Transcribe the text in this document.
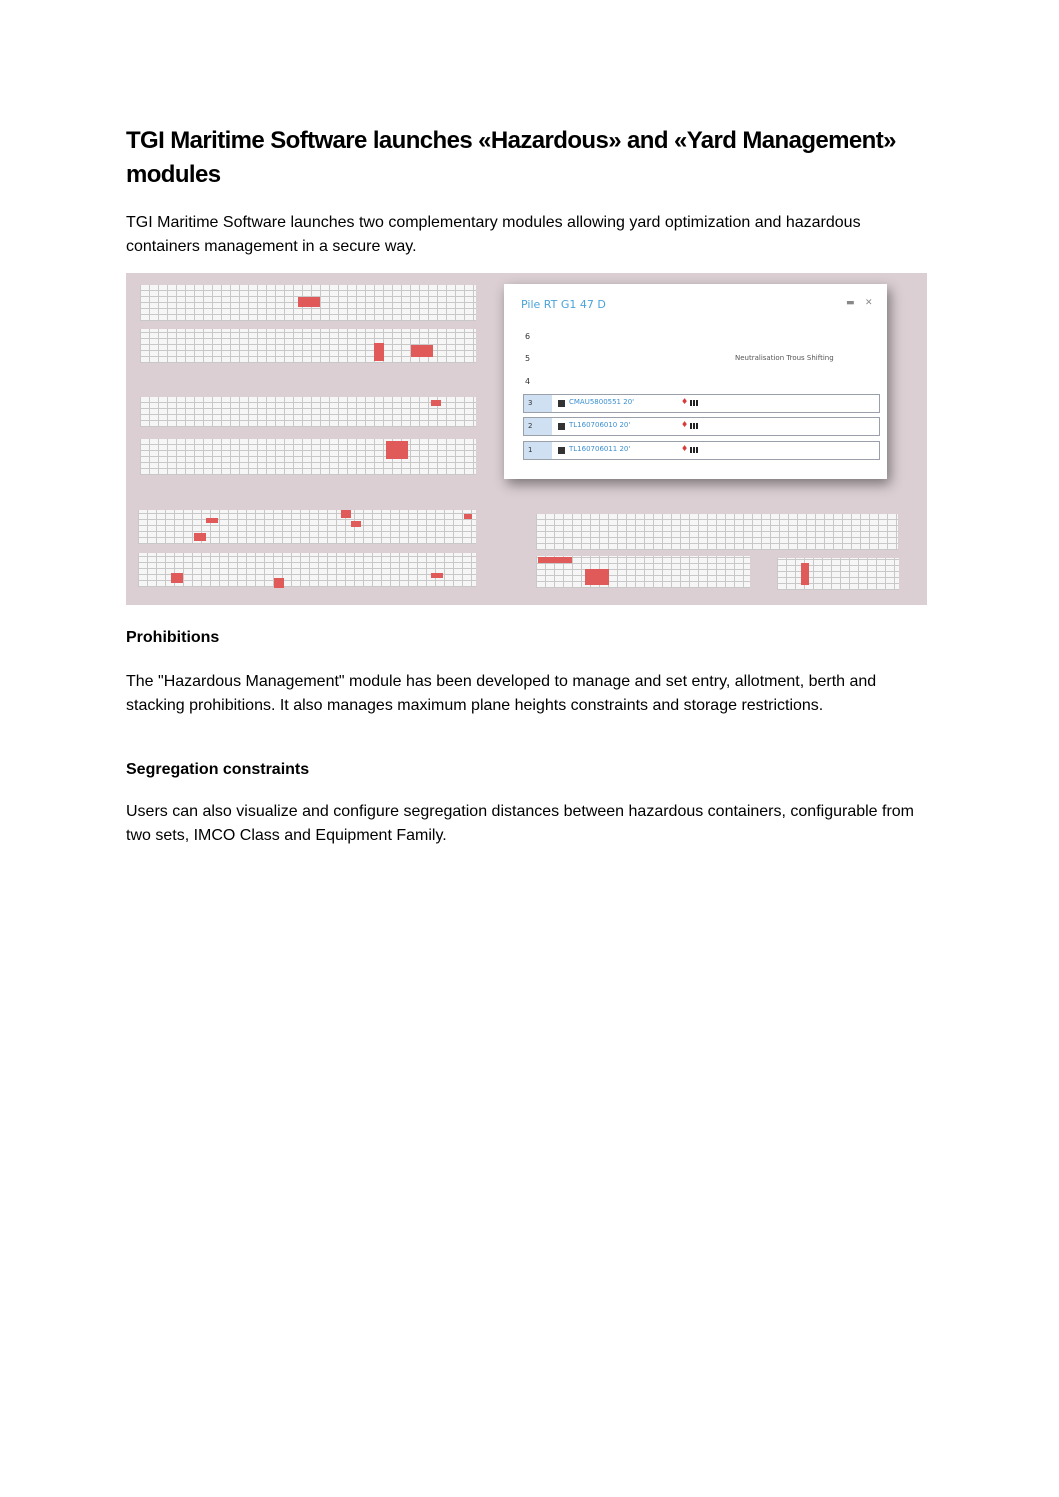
TGI Maritime Software launches «Hazardous» and «Yard Management» modules

TGI Maritime Software launches two complementary modules allowing yard optimization and hazardous containers management in a secure way.

Pile RT G1 47 D	▬ ✕
6
5
4
Neutralisation Trous Shifting
3	CMAU5800551 20'	♦
2	TL160706010 20'	♦
1	TL160706011 20'	♦
Prohibitions

The "Hazardous Management" module has been developed to manage and set entry, allotment, berth and stacking prohibitions. It also manages maximum plane heights constraints and storage restrictions.

Segregation constraints

Users can also visualize and configure segregation distances between hazardous containers, configurable from two sets, IMCO Class and Equipment Family.
